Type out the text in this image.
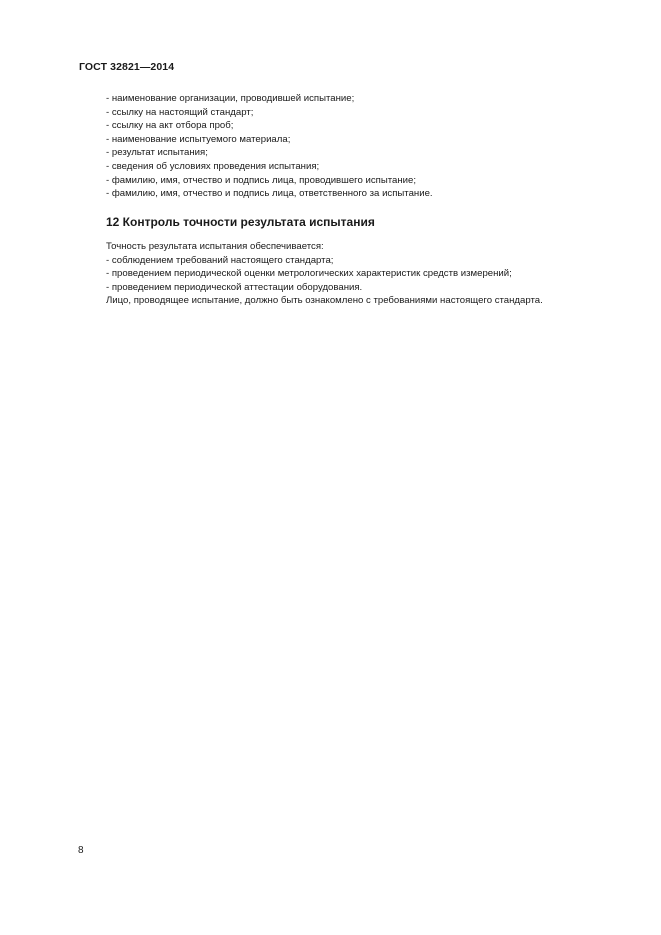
ГОСТ 32821—2014
- наименование организации, проводившей испытание;
- ссылку на настоящий стандарт;
- ссылку на акт отбора проб;
- наименование испытуемого материала;
- результат испытания;
- сведения об условиях проведения испытания;
- фамилию, имя, отчество и подпись лица, проводившего испытание;
- фамилию, имя, отчество и подпись лица, ответственного за испытание.
12 Контроль точности результата испытания
Точность результата испытания обеспечивается:
- соблюдением требований настоящего стандарта;
- проведением периодической оценки метрологических характеристик средств измерений;
- проведением периодической аттестации оборудования.
Лицо, проводящее испытание, должно быть ознакомлено с требованиями настоящего стандарта.
8
